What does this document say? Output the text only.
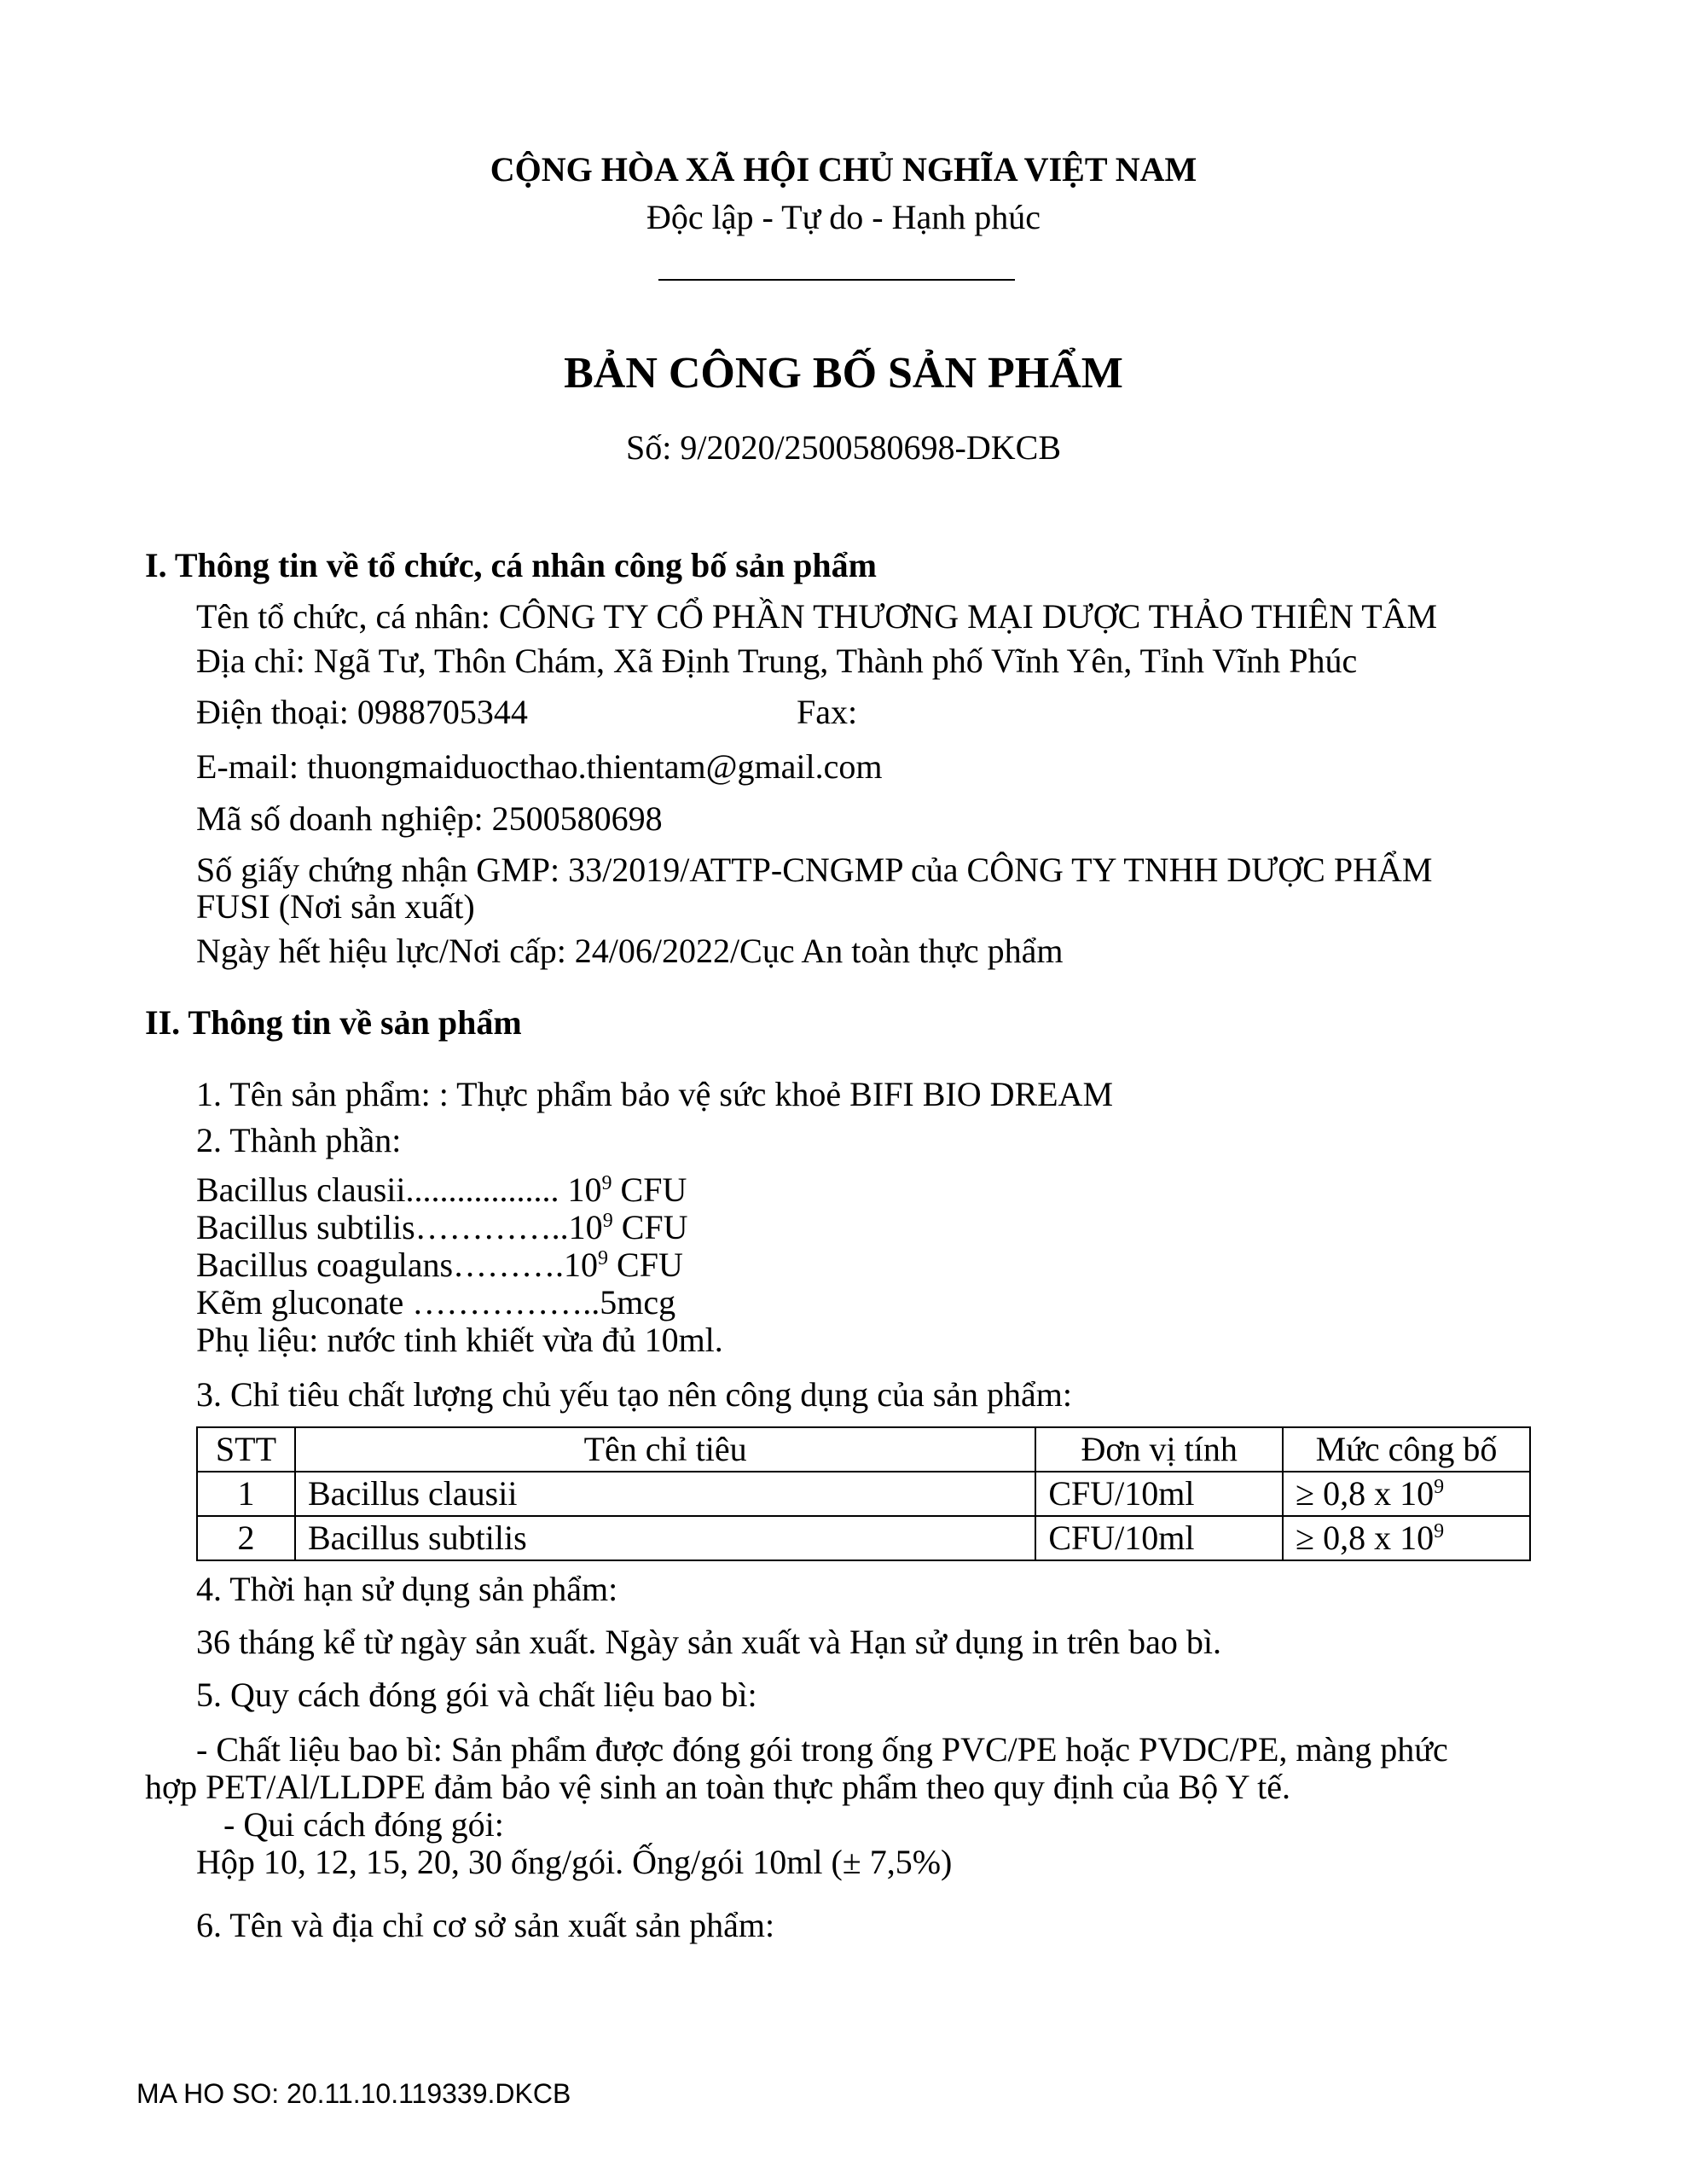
CỘNG HÒA XÃ HỘI CHỦ NGHĨA VIỆT NAM
Độc lập - Tự do - Hạnh phúc
BẢN CÔNG BỐ SẢN PHẨM
Số: 9/2020/2500580698-DKCB
I. Thông tin về tổ chức, cá nhân công bố sản phẩm
Tên tổ chức, cá nhân: CÔNG TY CỔ PHẦN THƯƠNG MẠI DƯỢC THẢO THIÊN TÂM
Địa chỉ: Ngã Tư, Thôn Chám, Xã Định Trung, Thành phố Vĩnh Yên, Tỉnh Vĩnh Phúc
Điện thoại: 0988705344	Fax:
E-mail: thuongmaiduocthao.thientam@gmail.com
Mã số doanh nghiệp: 2500580698
Số giấy chứng nhận GMP: 33/2019/ATTP-CNGMP của CÔNG TY TNHH DƯỢC PHẨM
FUSI (Nơi sản xuất)
Ngày hết hiệu lực/Nơi cấp: 24/06/2022/Cục An toàn thực phẩm
II. Thông tin về sản phẩm
1. Tên sản phẩm: : Thực phẩm bảo vệ sức khoẻ BIFI BIO DREAM
2. Thành phần:
Bacillus clausii.................. $10^9$ CFU
Bacillus subtilis…………..10$^9$ CFU
Bacillus $coagulans\dots\dots\dots.10^9$ CFU
Kẽm gluconate ……………..5mcg
Phụ liệu: nước tinh khiết vừa đủ 10ml.
3. Chỉ tiêu chất lượng chủ yếu tạo nên công dụng của sản phẩm:
STT	Tên chỉ tiêu	Đơn vị tính	Mức công bố
1	Bacillus clausii	CFU/10ml	≥ 0,8 x $10^9$
2	Bacillus subtilis	CFU/10ml	≥ 0,8 x $10^9$
4. Thời hạn sử dụng sản phẩm:
36 tháng kể từ ngày sản xuất. Ngày sản xuất và Hạn sử dụng in trên bao bì.
5. Quy cách đóng gói và chất liệu bao bì:
- Chất liệu bao bì: Sản phẩm được đóng gói trong ống PVC/PE hoặc PVDC/PE, màng phức
hợp PET/Al/LLDPE đảm bảo vệ sinh an toàn thực phẩm theo quy định của Bộ Y tế.
- Qui cách đóng gói:
Hộp 10, 12, 15, 20, 30 ống/gói. Ống/gói 10ml (± 7,5%)
6. Tên và địa chỉ cơ sở sản xuất sản phẩm:
MA HO SO: 20.11.10.119339.DKCB
